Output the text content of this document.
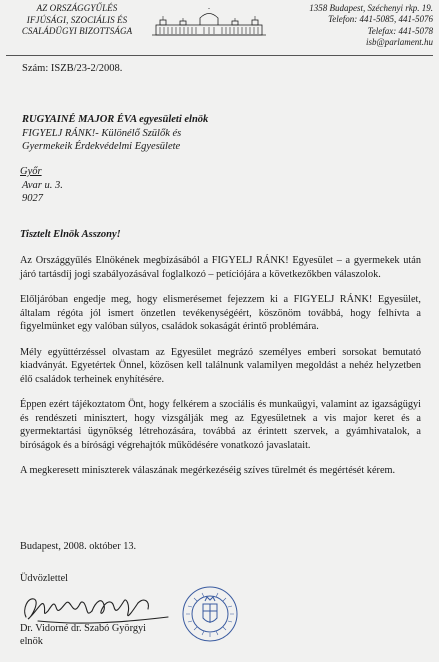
AZ ORSZÁGGYŰLÉS
IFJÚSÁGI, SZOCIÁLIS ÉS
CSALÁDÜGYI BIZOTTSÁGA
1358 Budapest, Széchenyi rkp. 19.
Telefon: 441-5085, 441-5076
Telefax: 441-5078
isb@parlament.hu
Szám: ISZB/23-2/2008.
RUGYAINÉ MAJOR ÉVA egyesületi elnök
FIGYELJ RÁNK!- Különélő Szülők és
Gyermekeik Érdekvédelmi Egyesülete
Győr
Avar u. 3.
9027
Tisztelt Elnök Asszony!

Az Országgyűlés Elnökének megbízásából a FIGYELJ RÁNK! Egyesület – a gyermekek után járó tartásdíj jogi szabályozásával foglalkozó – petíciójára a következőkben válaszolok.

Előljáróban engedje meg, hogy elismerésemet fejezzem ki a FIGYELJ RÁNK! Egyesület, általam régóta jól ismert önzetlen tevékenységéért, köszönöm továbbá, hogy felhívta a figyelmünket egy valóban súlyos, családok sokaságát érintő problémára.

Mély együttérzéssel olvastam az Egyesület megrázó személyes emberi sorsokat bemutató kiadványát. Egyetértek Önnel, közösen kell találnunk valamilyen megoldást a nehéz helyzetben élő családok terheinek enyhítésére.

Éppen ezért tájékoztatom Önt, hogy felkérem a szociális és munkaügyi, valamint az igazságügyi és rendészeti minisztert, hogy vizsgálják meg az Egyesületnek a vis major keret és a gyermektartási ügynökség létrehozására, továbbá az érintett szervek, a gyámhivatalok, a bíróságok és a bírósági végrehajtók működésére vonatkozó javaslatait.

A megkeresett miniszterek válaszának megérkezéséig szíves türelmét és megértését kérem.

Budapest, 2008. október 13.
Üdvözlettel
Dr. Vidorné dr. Szabó Györgyi
elnök
